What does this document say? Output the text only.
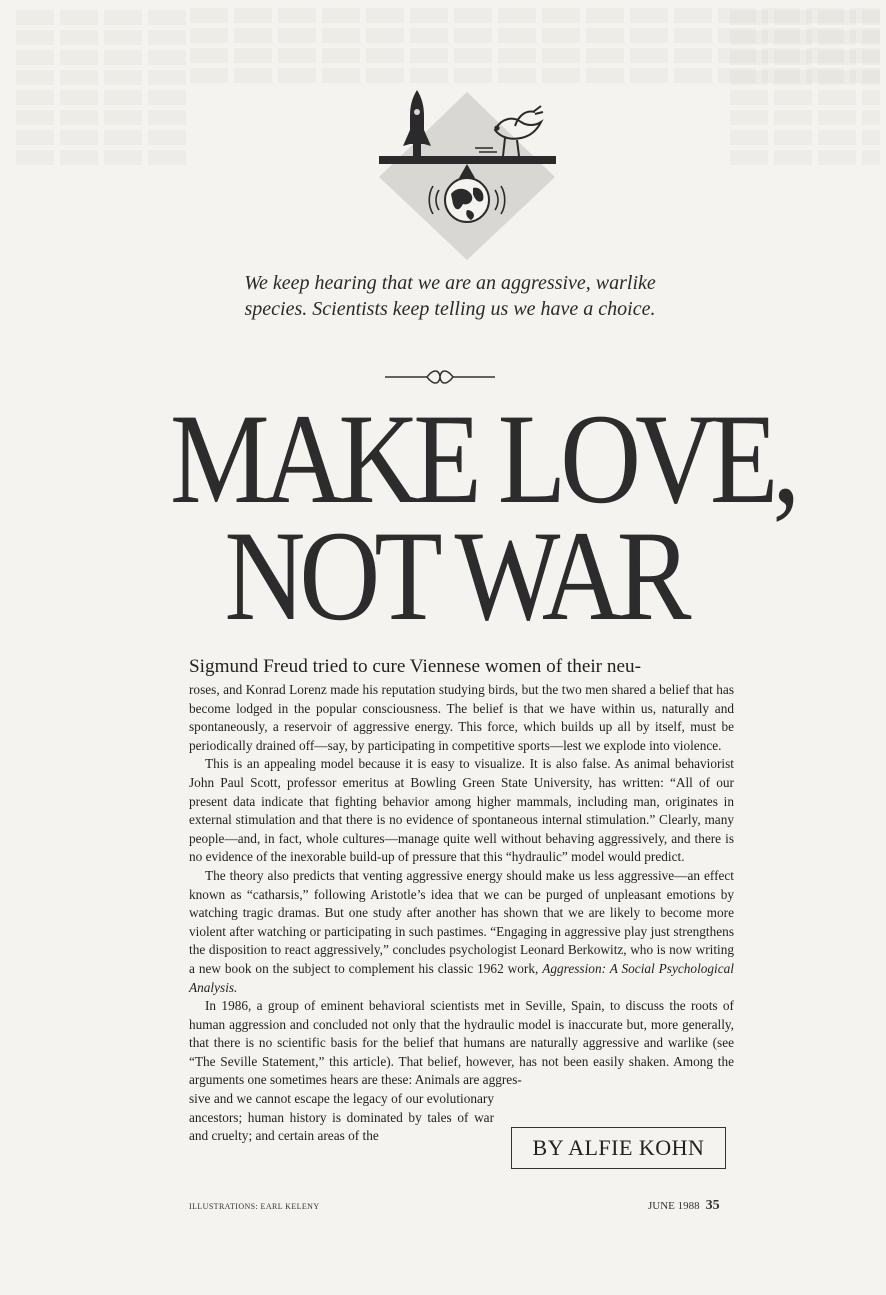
We keep hearing that we are an aggressive, warlike species. Scientists keep telling us we have a choice.
MAKE LOVE,
NOT WAR
Sigmund Freud tried to cure Viennese women of their neu-

roses, and Konrad Lorenz made his reputation studying birds, but the two men shared a belief that has become lodged in the popular consciousness. The belief is that we have within us, naturally and spontaneously, a reservoir of aggressive energy. This force, which builds up all by itself, must be periodically drained off—say, by participating in competitive sports—lest we explode into violence.

This is an appealing model because it is easy to visualize. It is also false. As animal behaviorist John Paul Scott, professor emeritus at Bowling Green State University, has written: “All of our present data indicate that fighting behavior among higher mammals, including man, originates in external stimulation and that there is no evidence of spontaneous internal stimulation.” Clearly, many people—and, in fact, whole cultures—manage quite well without behaving aggressively, and there is no evidence of the inexorable build-up of pressure that this “hydraulic” model would predict.

The theory also predicts that venting aggressive energy should make us less aggressive—an effect known as “catharsis,” following Aristotle’s idea that we can be purged of unpleasant emotions by watching tragic dramas. But one study after another has shown that we are likely to become more violent after watching or participating in such pastimes. “Engaging in aggressive play just strengthens the disposition to react aggressively,” concludes psychologist Leonard Berkowitz, who is now writing a new book on the subject to complement his classic 1962 work, Aggression: A Social Psychological Analysis.

In 1986, a group of eminent behavioral scientists met in Seville, Spain, to discuss the roots of human aggression and concluded not only that the hydraulic model is inaccurate but, more generally, that there is no scientific basis for the belief that humans are naturally aggressive and warlike (see “The Seville Statement,” this article). That belief, however, has not been easily shaken. Among the arguments one sometimes hears are these: Animals are aggres-

sive and we cannot escape the legacy of our evolutionary ancestors; human history is dominated by tales of war and cruelty; and certain areas of the	BY ALFIE KOHN
ILLUSTRATIONS: EARL KELENY	JUNE 1988 35
